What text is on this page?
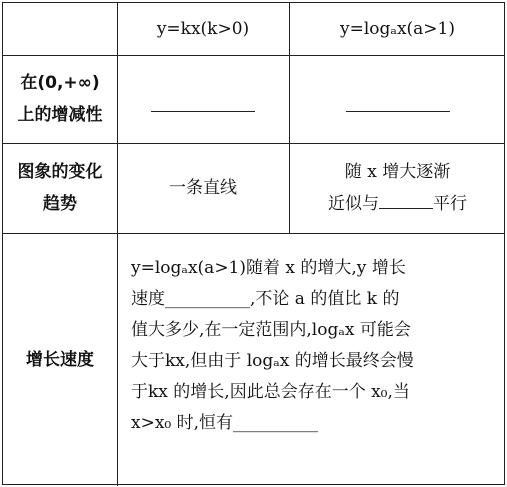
y=kx(k>0)	y=logₐx(a>1)
在(0,+∞)
上的增减性
图象的变化
趋势
一条直线
随 x 增大逐渐
近似与	平行
增长速度
y=logₐx(a>1)随着 x 的增大,y 增长
速度__________,不论 a 的值比 k 的
值大多少,在一定范围内,logₐx 可能会
大于kx,但由于 logₐx 的增长最终会慢
于kx 的增长,因此总会存在一个 x₀,当
x>x₀ 时,恒有__________
